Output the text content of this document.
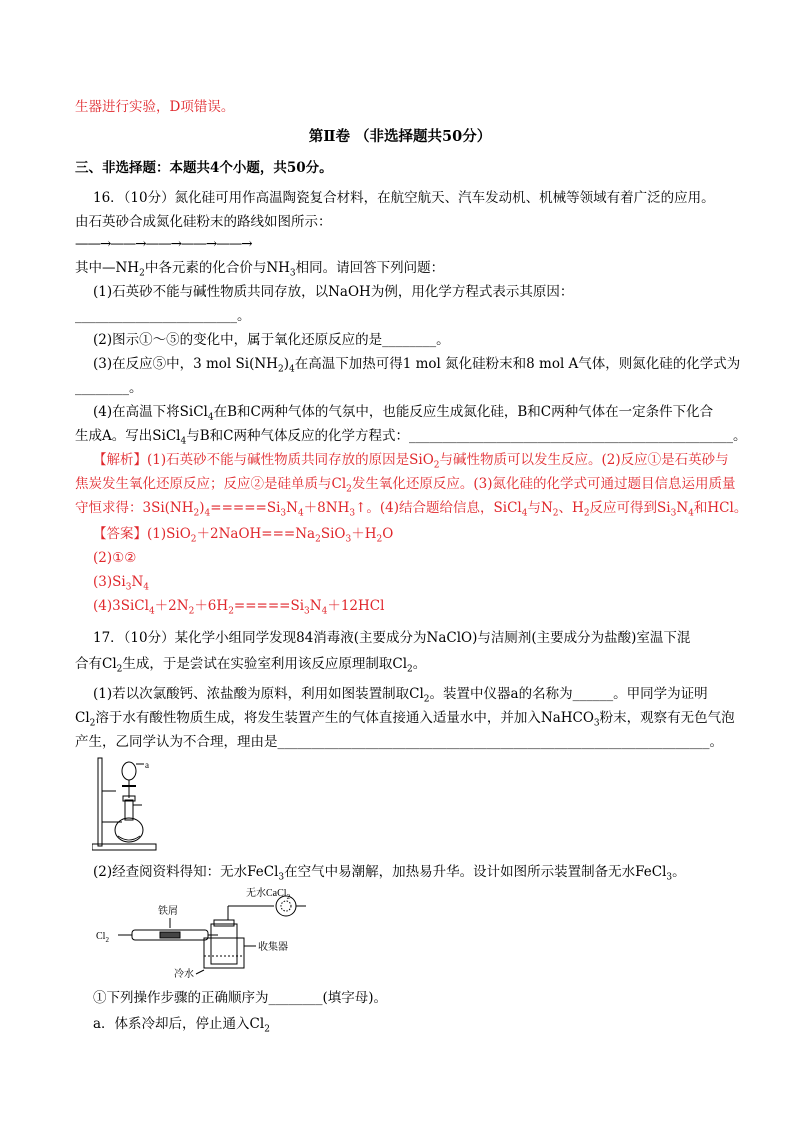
生器进行实验，D项错误。
第Ⅱ卷 （非选择题共50分）
三、非选择题：本题共4个小题，共50分。
16．（10分）氮化硅可用作高温陶瓷复合材料，在航空航天、汽车发动机、机械等领域有着广泛的应用。
由石英砂合成氮化硅粉末的路线如图所示：
——→——→——→——→——→
其中$—NH_2$中各元素的化合价与$NH_3$相同。请回答下列问题：
(1)石英砂不能与碱性物质共同存放，以NaOH为例，用化学方程式表示其原因：
________________________。
(2)图示①～⑤的变化中，属于氧化还原反应的是________。
(3)在反应⑤中，3 mol $Si(NH_2)_4$在高温下加热可得1 mol 氮化硅粉末和8 mol A气体，则氮化硅的化学式为
________。
(4)在高温下将SiCl$_4$在B和C两种气体的气氛中，也能反应生成氮化硅，B和C两种气体在一定条件下化合
生成A。写出SiCl$_4$与B和C两种气体反应的化学方程式：________________________________________________。
【解析】(1)石英砂不能与碱性物质共同存放的原因是SiO$_2$与碱性物质可以发生反应。(2)反应①是石英砂与
焦炭发生氧化还原反应；反应②是硅单质与$Cl_2$发生氧化还原反应。(3)氮化硅的化学式可通过题目信息运用质量
守恒求得：$3Si(NH_2)_4=====Si_3N_4+8NH_3↑$。(4)结合题给信息，SiCl$_4$与$N_2$、$H_2$反应可得到$Si_3N_4$和HCl。
【答案】$(1)SiO_2+2NaOH===Na_2SiO_3+H_2O$
(2)①②
$(3)Si_3N_4$
$(4)3SiCl_4+2N_2+6H_2=====Si_3N_4+12HCl$
17．（10分）某化学小组同学发现84消毒液(主要成分为NaClO)与洁厕剂(主要成分为盐酸)室温下混
合有$Cl_2$生成，于是尝试在实验室利用该反应原理制取$Cl_2$。
(1)若以次氯酸钙、浓盐酸为原料，利用如图装置制取$Cl_2$。装置中仪器a的名称为______。甲同学为证明
$Cl_2$溶于水有酸性物质生成，将发生装置产生的气体直接通入适量水中，并加入NaHCO$_3$粉末，观察有无色气泡
产生，乙同学认为不合理，理由是________________________________________________________________。
a
(2)经查阅资料得知：无水FeCl$_3$在空气中易潮解，加热易升华。设计如图所示装置制备无水FeCl$_3$。
$Cl_2$
铁屑
无水CaCl$_2$
收集器
冷水
①下列操作步骤的正确顺序为________(填字母)。
a．体系冷却后，停止通入$Cl_2$
